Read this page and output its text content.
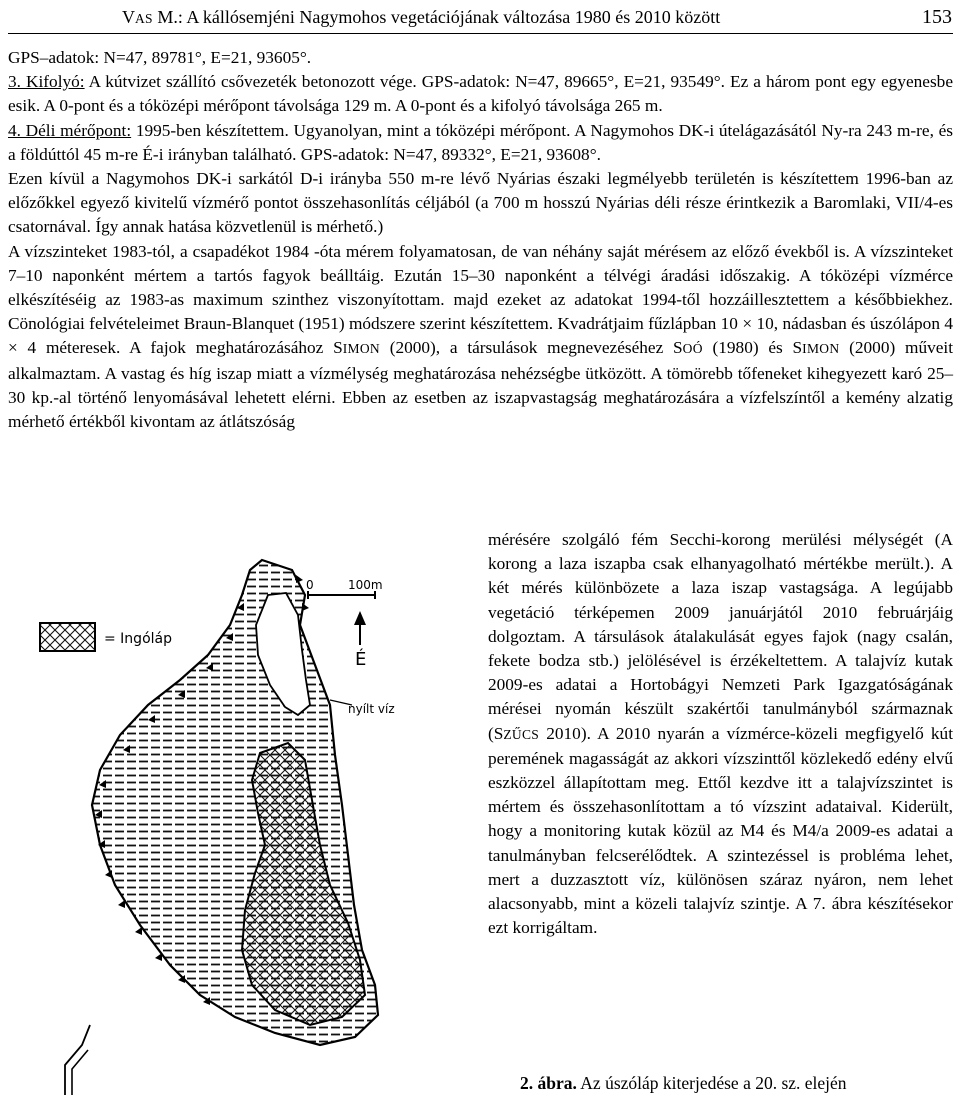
VAS M.: A kállósemjéni Nagymohos vegetációjának változása 1980 és 2010 között	153

GPS–adatok: N=47, 89781°, E=21, 93605°.

3. Kifolyó: A kútvizet szállító csővezeték betonozott vége. GPS-adatok: N=47, 89665°, E=21, 93549°. Ez a három pont egy egyenesbe esik. A 0-pont és a tóközépi mérőpont távolsága 129 m. A 0-pont és a kifolyó távolsága 265 m.

4. Déli mérőpont: 1995-ben készítettem. Ugyanolyan, mint a tóközépi mérőpont. A Nagymohos DK-i útelágazásától Ny-ra 243 m-re, és a földúttól 45 m-re É-i irányban található. GPS-adatok: N=47, 89332°, E=21, 93608°.

Ezen kívül a Nagymohos DK-i sarkától D-i irányba 550 m-re lévő Nyárias északi legmélyebb területén is készítettem 1996-ban az előzőkkel egyező kivitelű vízmérő pontot összehasonlítás céljából (a 700 m hosszú Nyárias déli része érintkezik a Baromlaki, VII/4-es csatornával. Így annak hatása közvetlenül is mérhető.)

A vízszinteket 1983-tól, a csapadékot 1984 -óta mérem folyamatosan, de van néhány saját mérésem az előző évekből is. A vízszinteket 7–10 naponként mértem a tartós fagyok beálltáig. Ezután 15–30 naponként a télvégi áradási időszakig. A tóközépi vízmérce elkészítéséig az 1983-as maximum szinthez viszonyítottam. majd ezeket az adatokat 1994-től hozzáillesztettem a későbbiekhez. Cönológiai felvételeimet Braun-Blanquet (1951) módszere szerint készítettem. Kvadrátjaim fűzlápban 10 × 10, nádasban és úszólápon 4 × 4 méteresek. A fajok meghatározásához SIMON (2000), a társulások megnevezéséhez SOÓ (1980) és SIMON (2000) műveit alkalmaztam. A vastag és híg iszap miatt a vízmélység meghatározása nehézségbe ütközött. A tömörebb tőfeneket kihegyezett karó 25–30 kp.-al történő lenyomásával lehetett elérni. Ebben az esetben az iszapvastagság meghatározására a vízfelszíntől a kemény alzatig mérhető értékből kivontam az átlátszóság

mérésére szolgáló fém Secchi-korong merülési mélységét (A korong a laza iszapba csak elhanyagolható mértékbe merült.). A két mérés különbözete a laza iszap vastagsága. A legújabb vegetáció térképemen 2009 januárjától 2010 februárjáig dolgoztam. A társulások átalakulását egyes fajok (nagy csalán, fekete bodza stb.) jelölésével is érzékeltettem. A talajvíz kutak 2009-es adatai a Hortobágyi Nemzeti Park Igazgatóságának mérései nyomán készült szakértői tanulmányból származnak (SZŰCS 2010). A 2010 nyarán a vízmérce-közeli megfigyelő kút peremének magasságát az akkori vízszinttől közlekedő edény elvű eszközzel állapítottam meg. Ettől kezdve itt a talajvízszintet is mértem és összehasonlítottam a tó vízszint adataival. Kiderült, hogy a monitoring kutak közül az M4 és M4/a 2009-es adatai a tanulmányban felcserélődtek. A szintezéssel is probléma lehet, mert a duzzasztott víz, különösen száraz nyáron, nem lehet alacsonyabb, mint a közeli talajvíz szintje. A 7. ábra készítésekor ezt korrigáltam.

= Ingóláp
0	100m
É
nyílt víz
2. ábra. Az úszóláp kiterjedése a 20. sz. elején
